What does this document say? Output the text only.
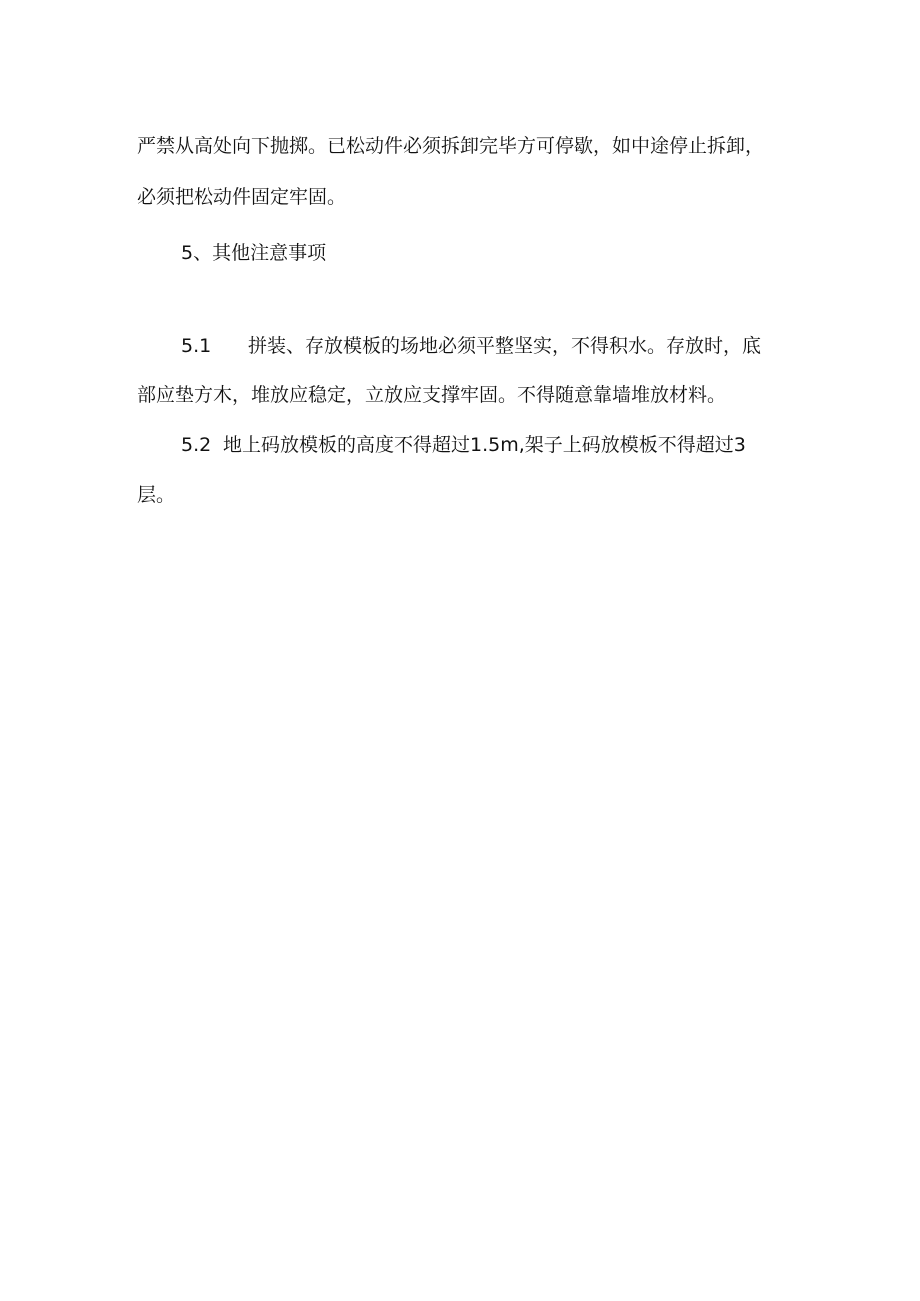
严禁从高处向下抛掷。已松动件必须拆卸完毕方可停歇，如中途停止拆卸，
必须把松动件固定牢固。
5、其他注意事项
5.1 拼装、存放模板的场地必须平整坚实，不得积水。存放时，底
部应垫方木，堆放应稳定，立放应支撑牢固。不得随意靠墙堆放材料。
5.2 地上码放模板的高度不得超过1.5m,架子上码放模板不得超过3
层。
